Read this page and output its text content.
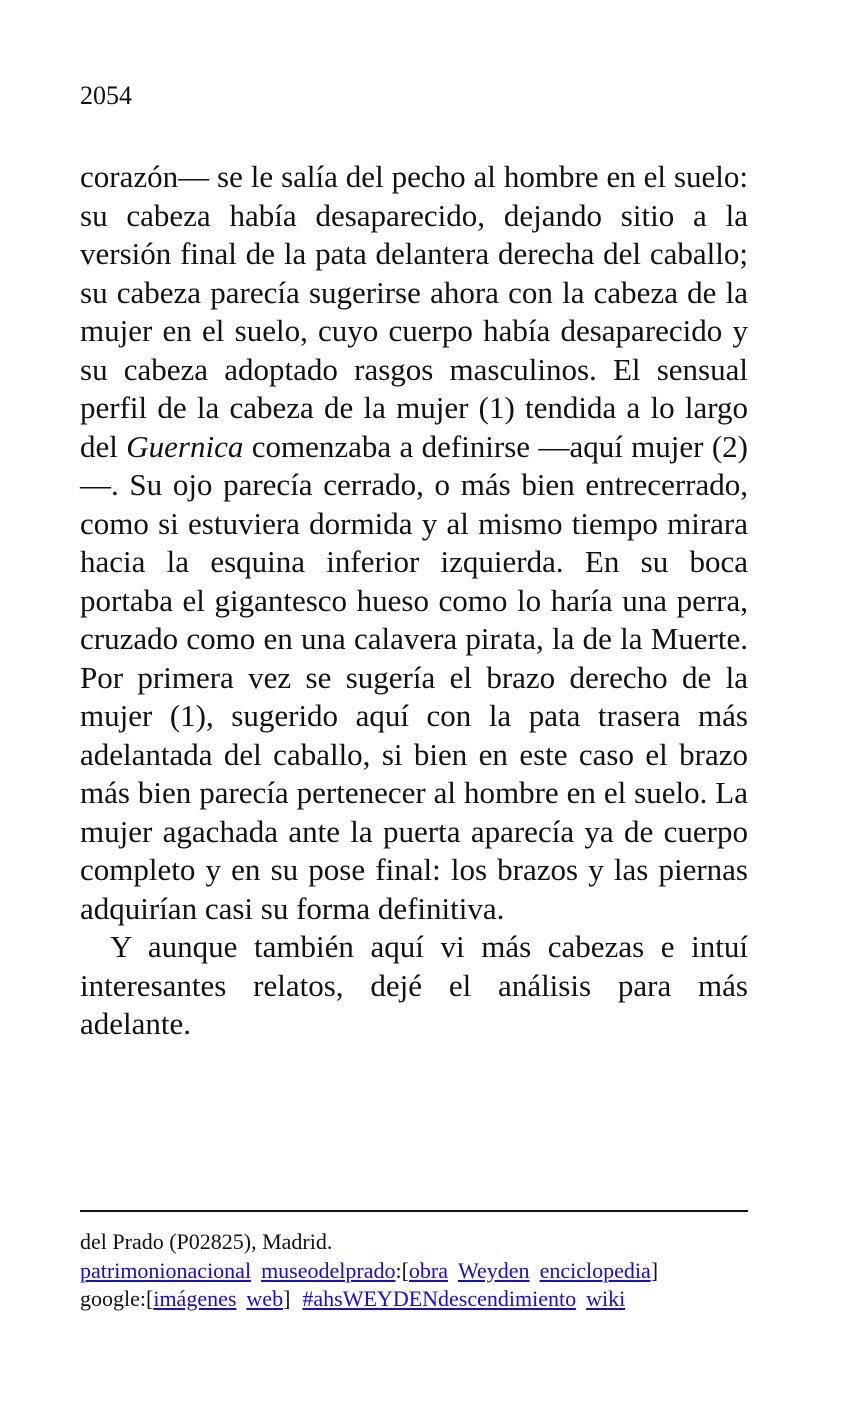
2054

corazón— se le salía del pecho al hombre en el suelo: su cabeza había desaparecido, dejando sitio a la versión final de la pata delantera derecha del caballo; su cabeza parecía sugerirse ahora con la cabeza de la mujer en el suelo, cuyo cuerpo había desaparecido y su cabeza adoptado rasgos masculinos. El sensual perfil de la cabeza de la mujer (1) tendida a lo largo del Guernica comenzaba a definirse —aquí mujer (2)—. Su ojo parecía cerrado, o más bien entrecerrado, como si estuviera dormida y al mismo tiempo mirara hacia la esquina inferior izquierda. En su boca portaba el gigantesco hueso como lo haría una perra, cruzado como en una calavera pirata, la de la Muerte. Por primera vez se sugería el brazo derecho de la mujer (1), sugerido aquí con la pata trasera más adelantada del caballo, si bien en este caso el brazo más bien parecía pertenecer al hombre en el suelo. La mujer agachada ante la puerta aparecía ya de cuerpo completo y en su pose final: los brazos y las piernas adquirían casi su forma definitiva.

Y aunque también aquí vi más cabezas e intuí interesantes relatos, dejé el análisis para más adelante.

del Prado (P02825), Madrid.
patrimonionacional museodelprado:[obra Weyden enciclopedia]
google:[imágenes web] #ahsWEYDENdescendimiento wiki
